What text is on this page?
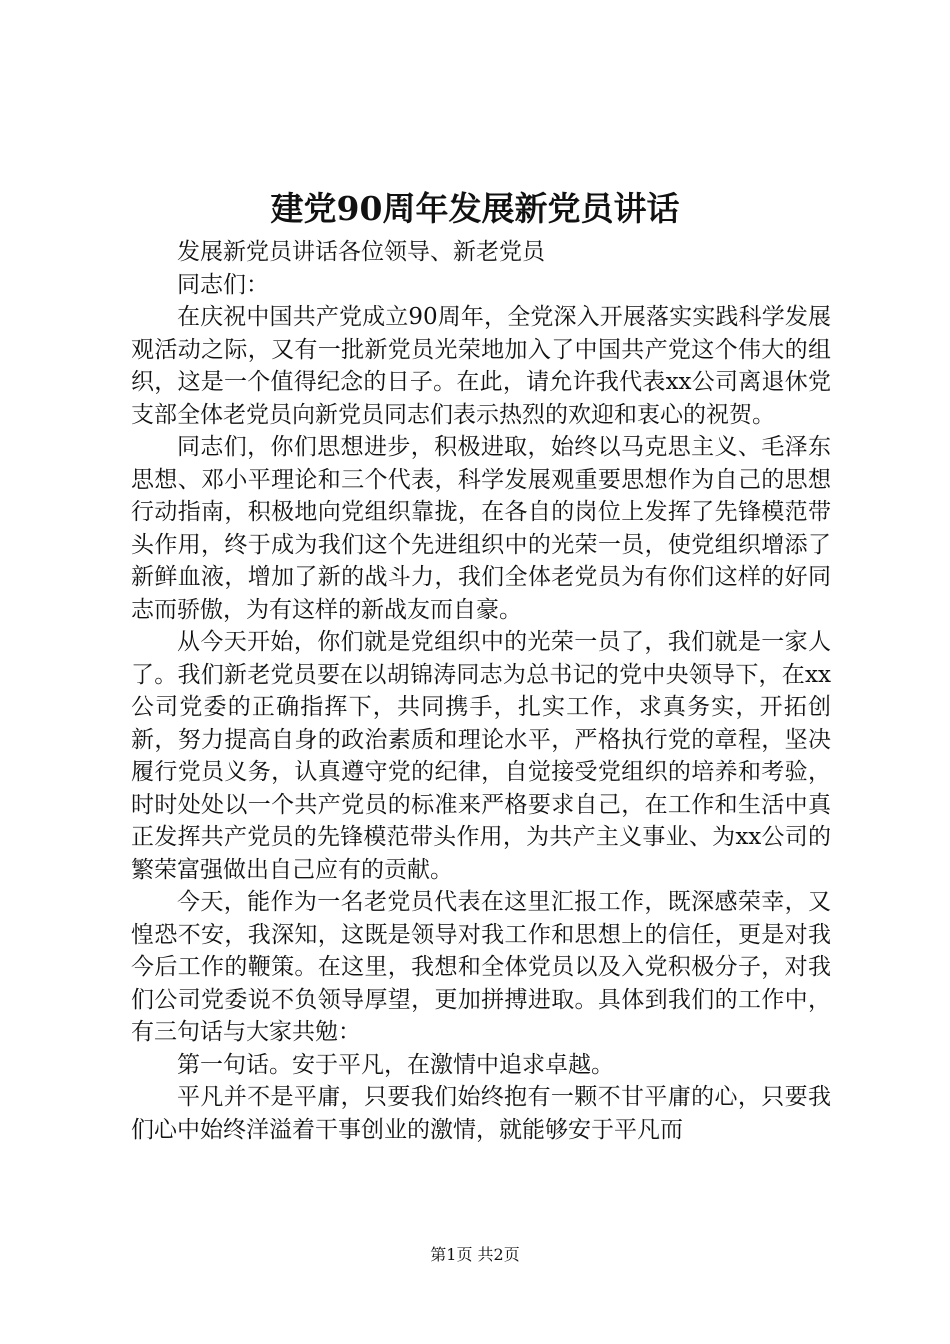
建党90周年发展新党员讲话

发展新党员讲话各位领导、新老党员

同志们：

在庆祝中国共产党成立90周年，全党深入开展落实实践科学发展观活动之际，又有一批新党员光荣地加入了中国共产党这个伟大的组织，这是一个值得纪念的日子。在此，请允许我代表xx公司离退休党支部全体老党员向新党员同志们表示热烈的欢迎和衷心的祝贺。

同志们，你们思想进步，积极进取，始终以马克思主义、毛泽东思想、邓小平理论和三个代表，科学发展观重要思想作为自己的思想行动指南，积极地向党组织靠拢，在各自的岗位上发挥了先锋模范带头作用，终于成为我们这个先进组织中的光荣一员，使党组织增添了新鲜血液，增加了新的战斗力，我们全体老党员为有你们这样的好同志而骄傲，为有这样的新战友而自豪。

从今天开始，你们就是党组织中的光荣一员了，我们就是一家人了。我们新老党员要在以胡锦涛同志为总书记的党中央领导下，在xx公司党委的正确指挥下，共同携手，扎实工作，求真务实，开拓创新，努力提高自身的政治素质和理论水平，严格执行党的章程，坚决履行党员义务，认真遵守党的纪律，自觉接受党组织的培养和考验，时时处处以一个共产党员的标准来严格要求自己，在工作和生活中真正发挥共产党员的先锋模范带头作用，为共产主义事业、为xx公司的繁荣富强做出自己应有的贡献。

今天，能作为一名老党员代表在这里汇报工作，既深感荣幸，又惶恐不安，我深知，这既是领导对我工作和思想上的信任，更是对我今后工作的鞭策。在这里，我想和全体党员以及入党积极分子，对我们公司党委说不负领导厚望，更加拼搏进取。具体到我们的工作中，有三句话与大家共勉：

第一句话。安于平凡，在激情中追求卓越。

平凡并不是平庸，只要我们始终抱有一颗不甘平庸的心，只要我们心中始终洋溢着干事创业的激情，就能够安于平凡而

第1页 共2页
